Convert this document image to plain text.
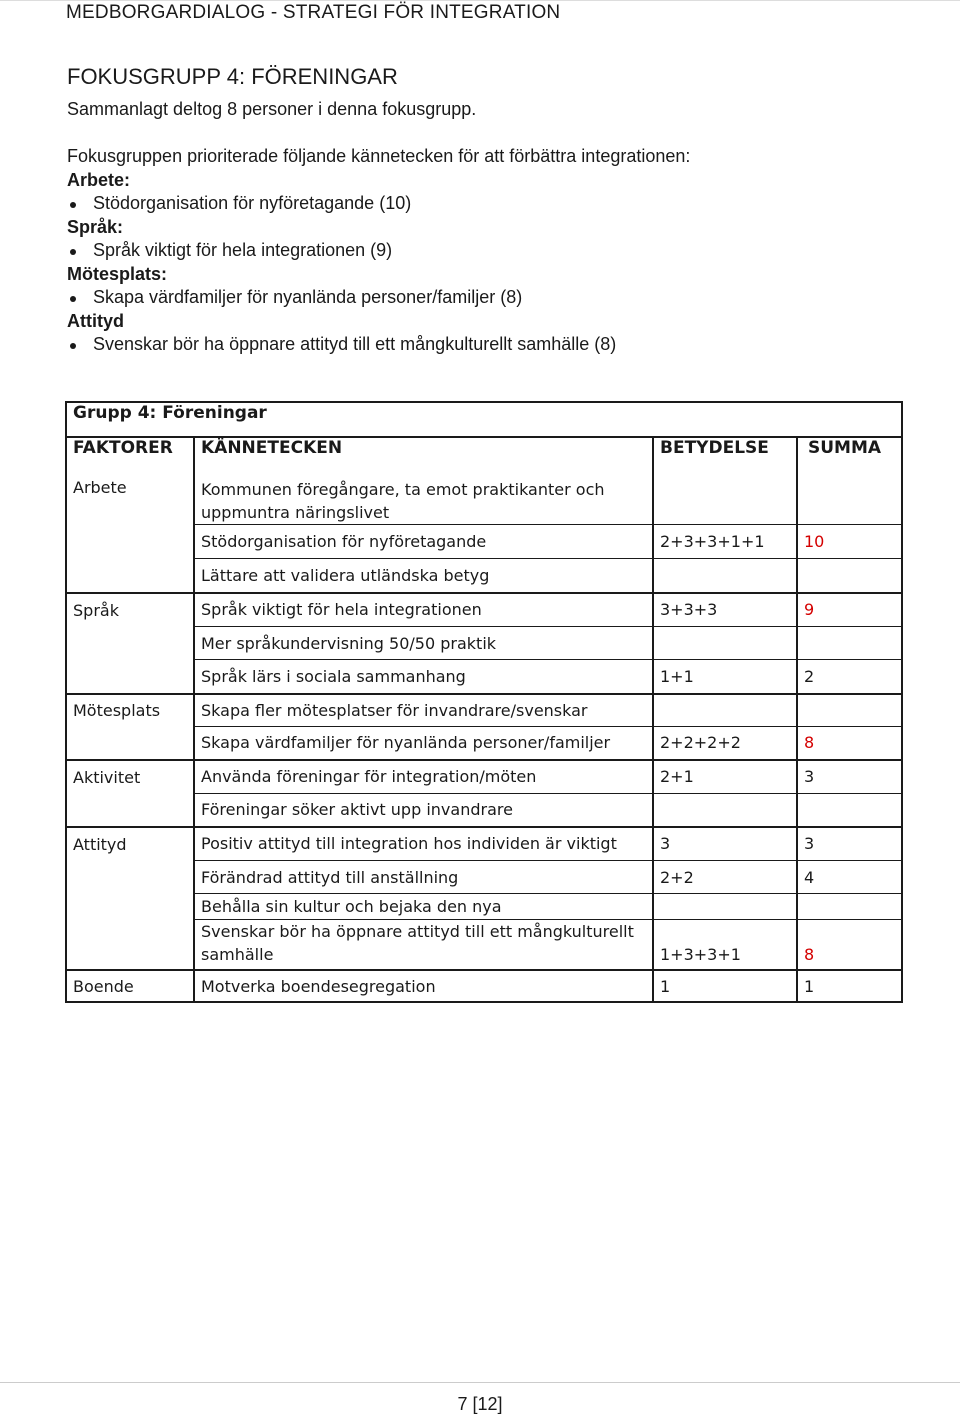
MEDBORGARDIALOG - STRATEGI FÖR INTEGRATION
FOKUSGRUPP 4: FÖRENINGAR
Sammanlagt deltog 8 personer i denna fokusgrupp.
Fokusgruppen prioriterade följande kännetecken för att förbättra integrationen:
Arbete:
Stödorganisation för nyföretagande (10)
Språk:
Språk viktigt för hela integrationen (9)
Mötesplats:
Skapa värdfamiljer för nyanlända personer/familjer (8)
Attityd
Svenskar bör ha öppnare attityd till ett mångkulturellt samhälle (8)
Grupp 4: Föreningar			
FAKTORER	KÄNNETECKEN	BETYDELSE	SUMMA
Arbete	Kommunen föregångare, ta emot praktikanter och uppmuntra näringslivet		
	Stödorganisation för nyföretagande	2+3+3+1+1	10
	Lättare att validera utländska betyg		
Språk	Språk viktigt för hela integrationen	3+3+3	9
	Mer språkundervisning 50/50 praktik		
	Språk lärs i sociala sammanhang	1+1	2
Mötesplats	Skapa fler mötesplatser för invandrare/svenskar		
	Skapa värdfamiljer för nyanlända personer/familjer	2+2+2+2	8
Aktivitet	Använda föreningar för integration/möten	2+1	3
	Föreningar söker aktivt upp invandrare		
Attityd	Positiv attityd till integration hos individen är viktigt	3	3
	Förändrad attityd till anställning	2+2	4
	Behålla sin kultur och bejaka den nya		
	Svenskar bör ha öppnare attityd till ett mångkulturellt samhälle	1+3+3+1	8
Boende	Motverka boendesegregation	1	1
7 [12]
